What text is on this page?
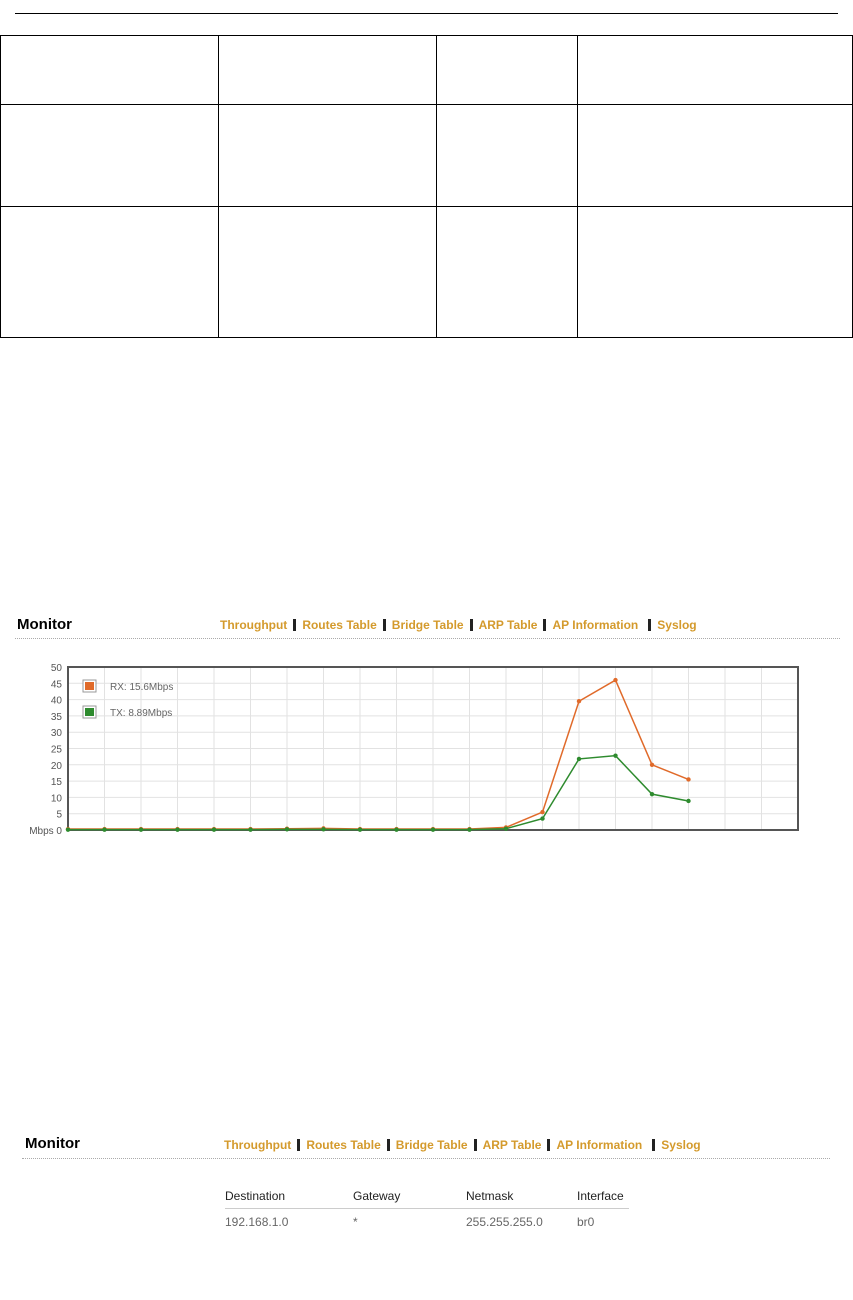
Monitor	Throughput Routes Table Bridge Table ARP Table AP Information Syslog
Mbps 0
5
10
15
20
25
30
35
40
45
50
RX: 15.6Mbps
TX: 8.89Mbps
Monitor	Throughput Routes Table Bridge Table ARP Table AP Information Syslog
Destination	Gateway	Netmask	Interface
192.168.1.0	*	255.255.255.0	br0
